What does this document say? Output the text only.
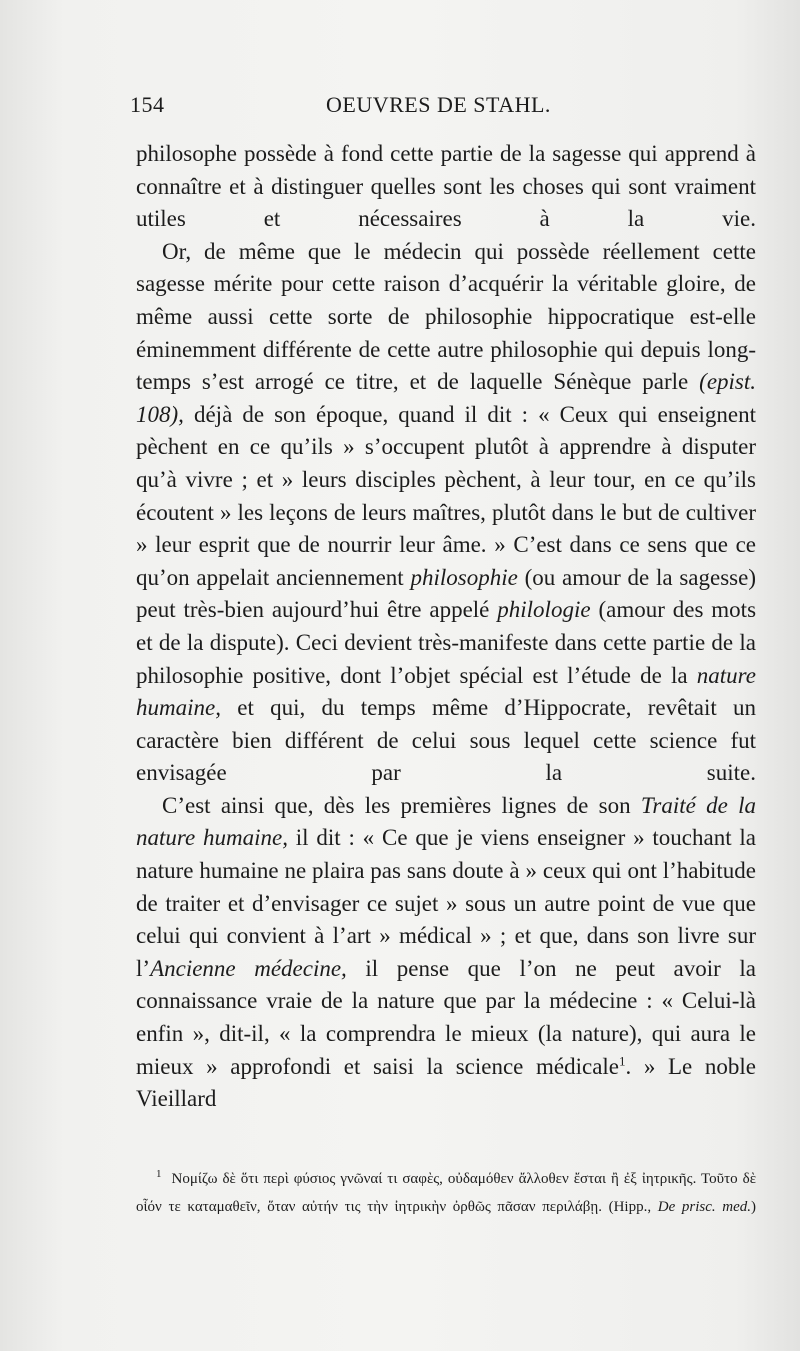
154	OEUVRES DE STAHL.

philosophe possède à fond cette partie de la sagesse qui apprend à connaître et à distinguer quelles sont les choses qui sont vraiment utiles et nécessaires à la vie.

Or, de même que le médecin qui possède réellement cette sagesse mérite pour cette raison d’acquérir la véritable gloire, de même aussi cette sorte de philosophie hippocratique est-elle éminemment différente de cette autre philosophie qui depuis long-temps s’est arrogé ce titre, et de laquelle Sénèque parle (epist. 108), déjà de son époque, quand il dit : « Ceux qui enseignent pèchent en ce qu’ils » s’occupent plutôt à apprendre à disputer qu’à vivre ; et » leurs disciples pèchent, à leur tour, en ce qu’ils écoutent » les leçons de leurs maîtres, plutôt dans le but de cultiver » leur esprit que de nourrir leur âme. » C’est dans ce sens que ce qu’on appelait anciennement philosophie (ou amour de la sagesse) peut très-bien aujourd’hui être appelé philologie (amour des mots et de la dispute). Ceci devient très-manifeste dans cette partie de la philosophie positive, dont l’objet spécial est l’étude de la nature humaine, et qui, du temps même d’Hippocrate, revêtait un caractère bien différent de celui sous lequel cette science fut envisagée par la suite.

C’est ainsi que, dès les premières lignes de son Traité de la nature humaine, il dit : « Ce que je viens enseigner » touchant la nature humaine ne plaira pas sans doute à » ceux qui ont l’habitude de traiter et d’envisager ce sujet » sous un autre point de vue que celui qui convient à l’art » médical » ; et que, dans son livre sur l’Ancienne médecine, il pense que l’on ne peut avoir la connaissance vraie de la nature que par la médecine : « Celui-là enfin », dit-il, « la comprendra le mieux (la nature), qui aura le mieux » approfondi et saisi la science médicale$^1$. » Le noble Vieillard

$^1$ Νομίζω δὲ ὅτι περὶ φύσιος γνῶναί τι σαφὲς, οὐδαμόθεν ἄλλοθεν ἔσται ἢ ἐξ ἰητρικῆς. Τοῦτο δὲ οἷόν τε καταμαθεῖν, ὅταν αὐτήν τις τὴν ἰητρικὴν ὀρθῶς πᾶσαν περιλάβῃ. (Hipp., De prisc. med.)
